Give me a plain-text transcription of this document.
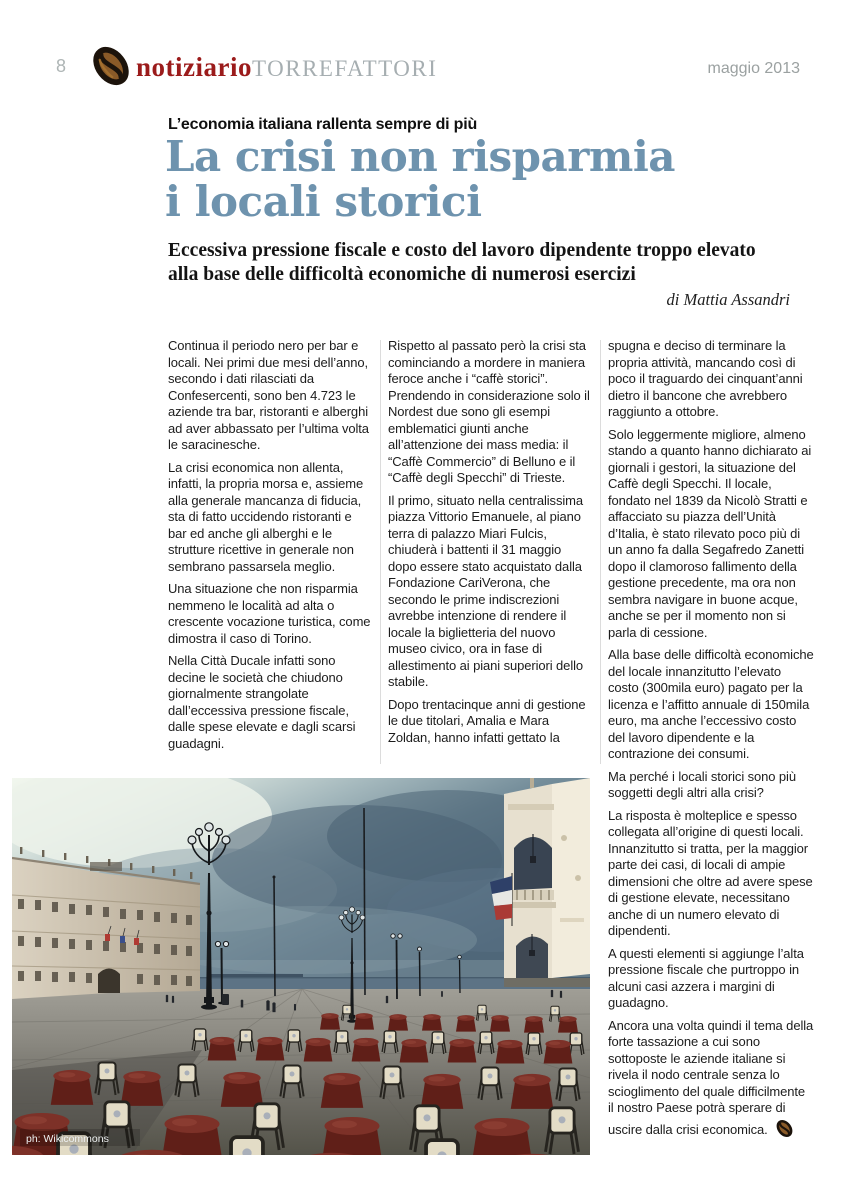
8	notiziarioTORREFATTORI	maggio 2013
L’economia italiana rallenta sempre di più
La crisi non risparmia
i locali storici
Eccessiva pressione fiscale e costo del lavoro dipendente troppo elevato
alla base delle difficoltà economiche di numerosi esercizi
di Mattia Assandri

Continua il periodo nero per bar e locali. Nei primi due mesi dell’anno, secondo i dati rilasciati da Confesercenti, sono ben 4.723 le aziende tra bar, ristoranti e alberghi ad aver abbassato per l’ultima volta le saracinesche.

La crisi economica non allenta, infatti, la propria morsa e, assieme alla generale mancanza di fiducia, sta di fatto uccidendo ristoranti e bar ed anche gli alberghi e le strutture ricettive in generale non sembrano passarsela meglio.

Una situazione che non risparmia nemmeno le località ad alta o crescente vocazione turistica, come dimostra il caso di Torino.

Nella Città Ducale infatti sono decine le società che chiudono giornalmente strangolate dall’eccessiva pressione fiscale, dalle spese elevate e dagli scarsi guadagni.

Rispetto al passato però la crisi sta cominciando a mordere in maniera feroce anche i “caffè storici”. Prendendo in considerazione solo il Nordest due sono gli esempi emblematici giunti anche all’attenzione dei mass media: il “Caffè Commercio” di Belluno e il “Caffè degli Specchi” di Trieste.

Il primo, situato nella centralissima piazza Vittorio Emanuele, al piano terra di palazzo Miari Fulcis, chiuderà i battenti il 31 maggio dopo essere stato acquistato dalla Fondazione CariVerona, che secondo le prime indiscrezioni avrebbe intenzione di rendere il locale la biglietteria del nuovo museo civico, ora in fase di allestimento ai piani superiori dello stabile.

Dopo trentacinque anni di gestione le due titolari, Amalia e Mara Zoldan, hanno infatti gettato la

spugna e deciso di terminare la propria attività, mancando così di poco il traguardo dei cinquant’anni dietro il bancone che avrebbero raggiunto a ottobre.

Solo leggermente migliore, almeno stando a quanto hanno dichiarato ai giornali i gestori, la situazione del Caffè degli Specchi. Il locale, fondato nel 1839 da Nicolò Stratti e affacciato su piazza dell’Unità d’Italia, è stato rilevato poco più di un anno fa dalla Segafredo Zanetti dopo il clamoroso fallimento della gestione precedente, ma ora non sembra navigare in buone acque, anche se per il momento non si parla di cessione.

Alla base delle difficoltà economiche del locale innanzitutto l’elevato costo (300mila euro) pagato per la licenza e l’affitto annuale di 150mila euro, ma anche l’eccessivo costo del lavoro dipendente e la contrazione dei consumi.

Ma perché i locali storici sono più soggetti degli altri alla crisi?

La risposta è molteplice e spesso collegata all’origine di questi locali. Innanzitutto si tratta, per la maggior parte dei casi, di locali di ampie dimensioni che oltre ad avere spese di gestione elevate, necessitano anche di un numero elevato di dipendenti.

A questi elementi si aggiunge l’alta pressione fiscale che purtroppo in alcuni casi azzera i margini di guadagno.

Ancora una volta quindi il tema della forte tassazione a cui sono sottoposte le aziende italiane si rivela il nodo centrale senza lo scioglimento del quale difficilmente il nostro Paese potrà sperare di uscire dalla crisi economica.

ph: Wikicommons
